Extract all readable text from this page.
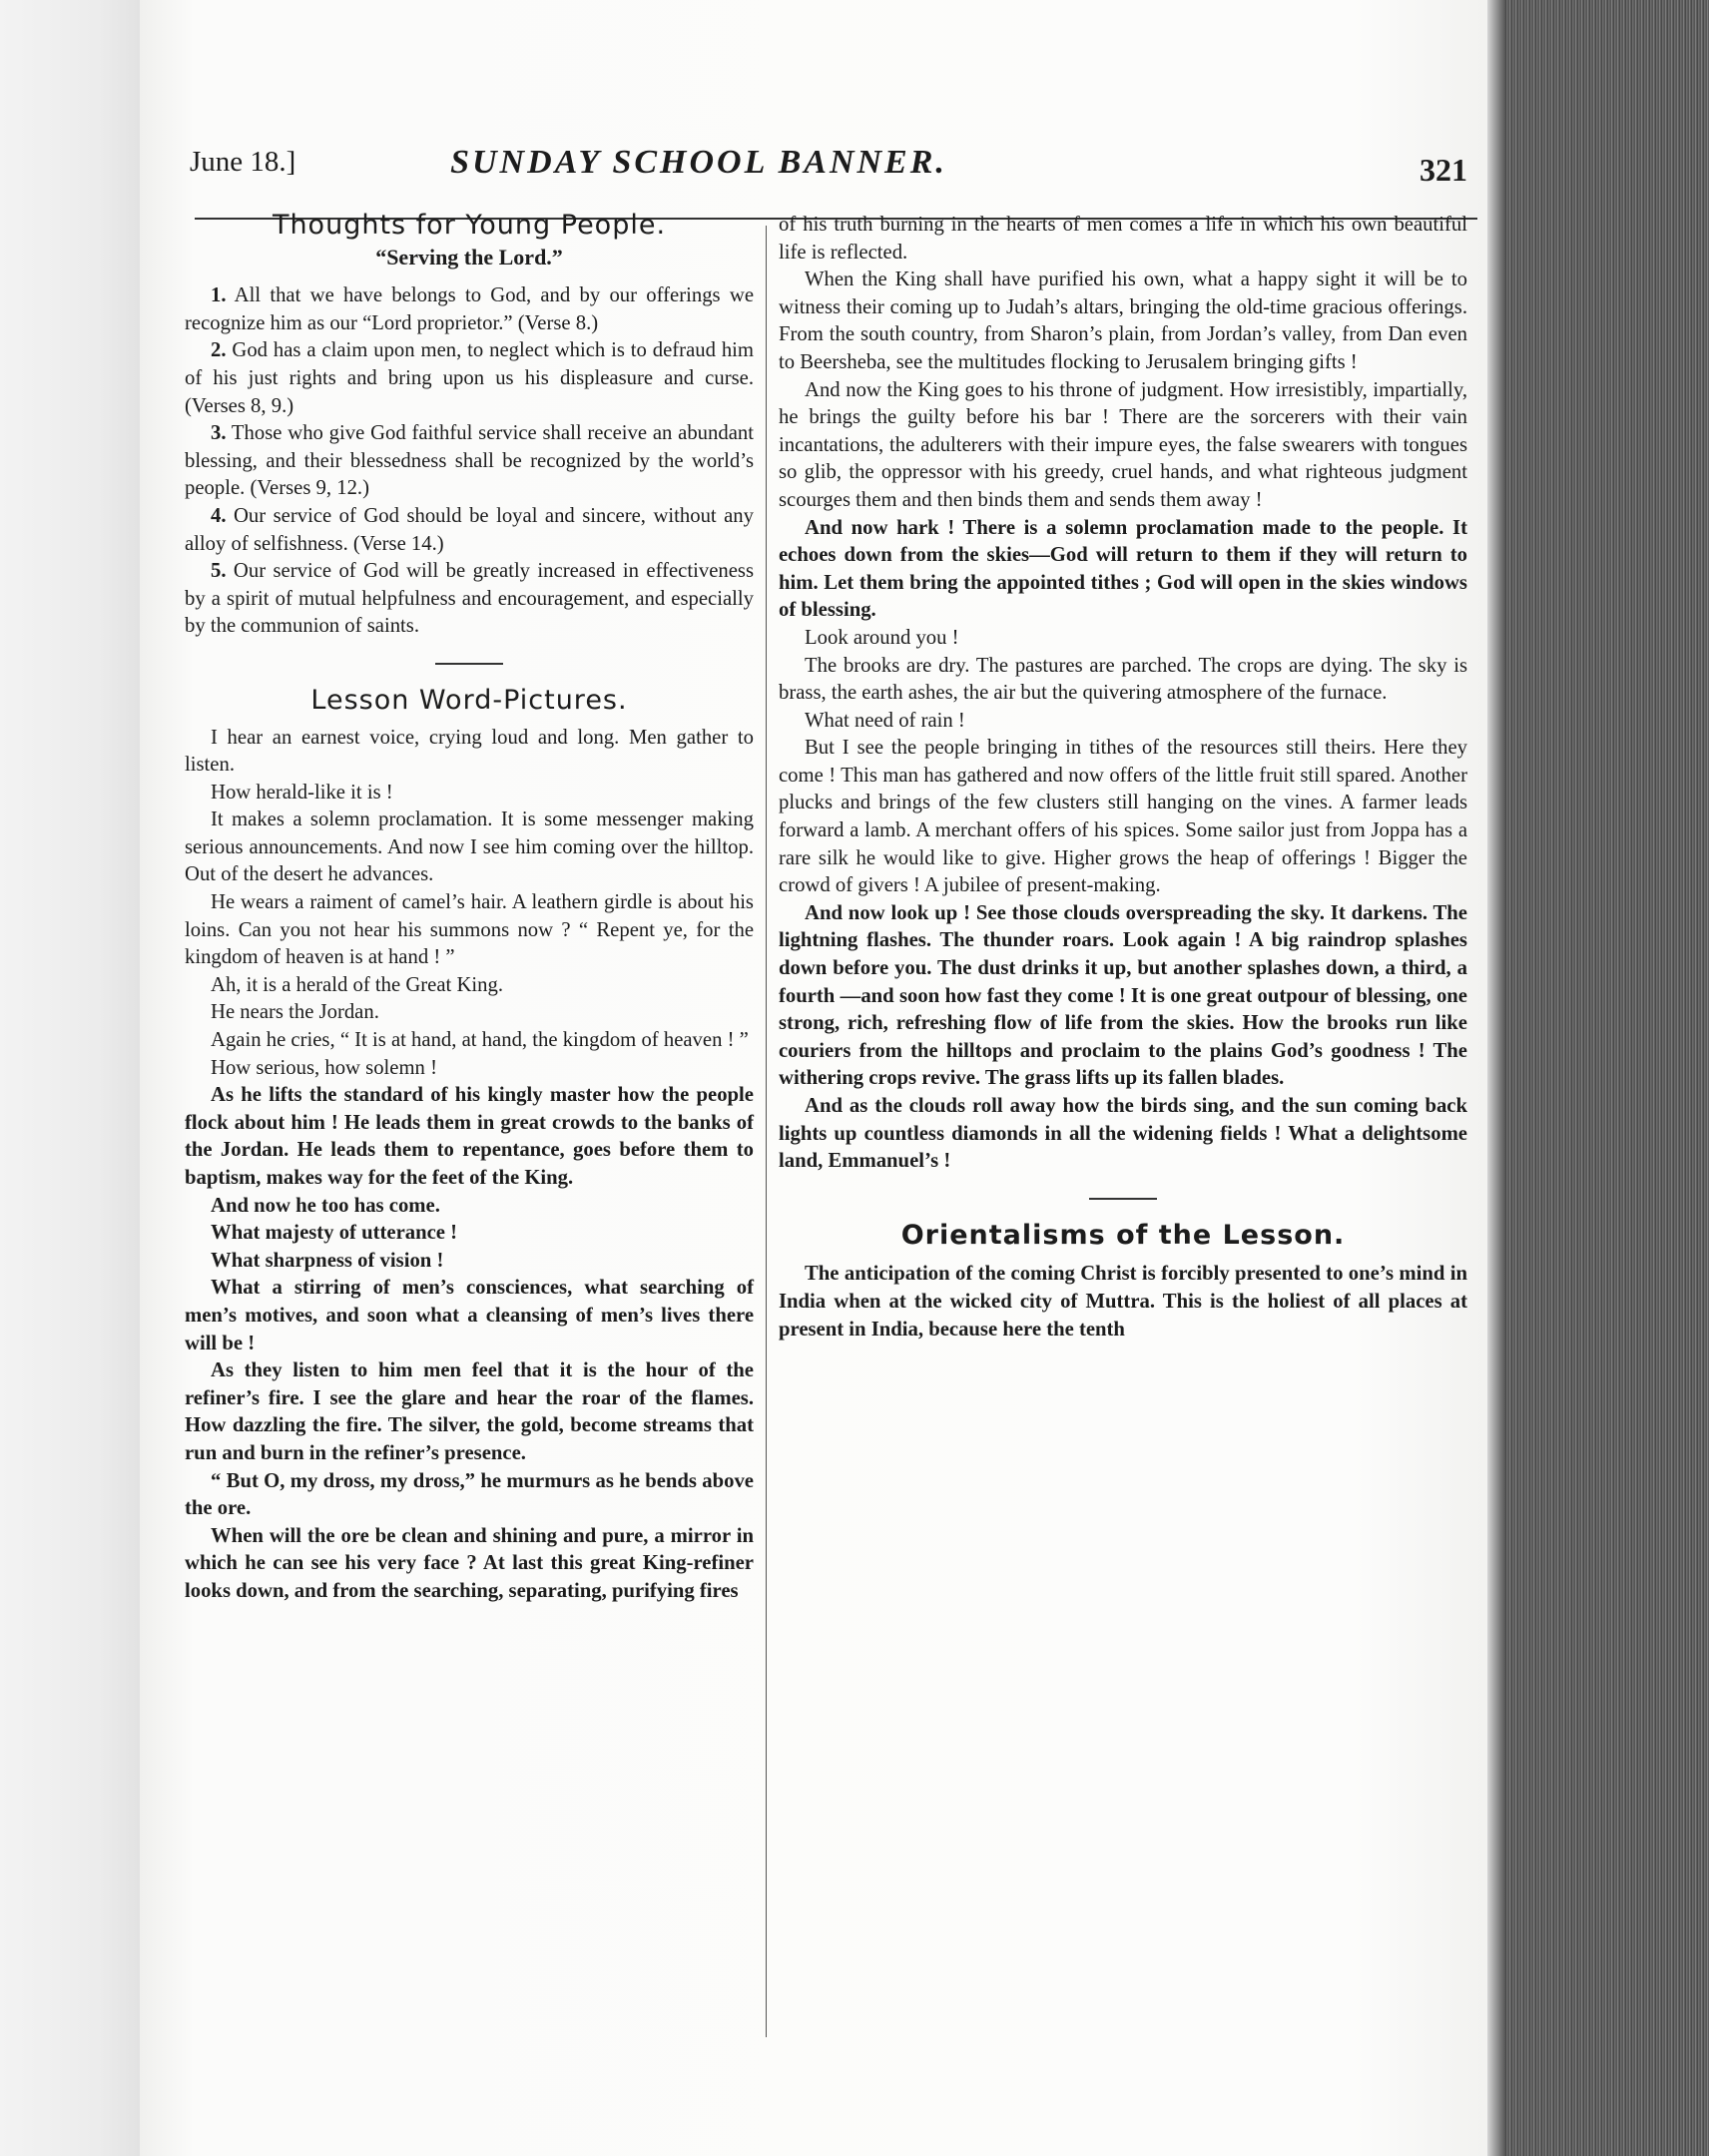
June 18.]	SUNDAY SCHOOL BANNER.	321
Thoughts for Young People.
“Serving the Lord.”
1. All that we have belongs to God, and by our offerings we recognize him as our “Lord proprietor.” (Verse 8.)
2. God has a claim upon men, to neglect which is to defraud him of his just rights and bring upon us his displeasure and curse. (Verses 8, 9.)
3. Those who give God faithful service shall receive an abundant blessing, and their blessedness shall be recognized by the world’s people. (Verses 9, 12.)
4. Our service of God should be loyal and sincere, without any alloy of selfishness. (Verse 14.)
5. Our service of God will be greatly increased in effectiveness by a spirit of mutual helpfulness and encouragement, and especially by the communion of saints.
Lesson Word-Pictures.

I hear an earnest voice, crying loud and long. Men gather to listen.

How herald-like it is !

It makes a solemn proclamation. It is some messenger making serious announcements. And now I see him coming over the hilltop. Out of the desert he advances.

He wears a raiment of camel’s hair. A leathern girdle is about his loins. Can you not hear his summons now ? “ Repent ye, for the kingdom of heaven is at hand ! ”

Ah, it is a herald of the Great King.

He nears the Jordan.

Again he cries, “ It is at hand, at hand, the kingdom of heaven ! ”

How serious, how solemn !

As he lifts the standard of his kingly master how the people flock about him ! He leads them in great crowds to the banks of the Jordan. He leads them to repentance, goes before them to baptism, makes way for the feet of the King.

And now he too has come.

What majesty of utterance !

What sharpness of vision !

What a stirring of men’s consciences, what searching of men’s motives, and soon what a cleansing of men’s lives there will be !

As they listen to him men feel that it is the hour of the refiner’s fire. I see the glare and hear the roar of the flames. How dazzling the fire. The silver, the gold, become streams that run and burn in the refiner’s presence.

“ But O, my dross, my dross,” he murmurs as he bends above the ore.

When will the ore be clean and shining and pure, a mirror in which he can see his very face ? At last this great King-refiner looks down, and from the searching, separating, purifying fires

of his truth burning in the hearts of men comes a life in which his own beautiful life is reflected.

When the King shall have purified his own, what a happy sight it will be to witness their coming up to Judah’s altars, bringing the old-time gracious offerings. From the south country, from Sharon’s plain, from Jordan’s valley, from Dan even to Beersheba, see the multitudes flocking to Jerusalem bringing gifts !

And now the King goes to his throne of judgment. How irresistibly, impartially, he brings the guilty before his bar ! There are the sorcerers with their vain incantations, the adulterers with their impure eyes, the false swearers with tongues so glib, the oppressor with his greedy, cruel hands, and what righteous judgment scourges them and then binds them and sends them away !

And now hark ! There is a solemn proclamation made to the people. It echoes down from the skies—God will return to them if they will return to him. Let them bring the appointed tithes ; God will open in the skies windows of blessing.

Look around you !

The brooks are dry. The pastures are parched. The crops are dying. The sky is brass, the earth ashes, the air but the quivering atmosphere of the furnace.

What need of rain !

But I see the people bringing in tithes of the resources still theirs. Here they come ! This man has gathered and now offers of the little fruit still spared. Another plucks and brings of the few clusters still hanging on the vines. A farmer leads forward a lamb. A merchant offers of his spices. Some sailor just from Joppa has a rare silk he would like to give. Higher grows the heap of offerings ! Bigger the crowd of givers ! A jubilee of present-making.

And now look up ! See those clouds overspreading the sky. It darkens. The lightning flashes. The thunder roars. Look again ! A big raindrop splashes down before you. The dust drinks it up, but another splashes down, a third, a fourth —and soon how fast they come ! It is one great outpour of blessing, one strong, rich, refreshing flow of life from the skies. How the brooks run like couriers from the hilltops and proclaim to the plains God’s goodness ! The withering crops revive. The grass lifts up its fallen blades.

And as the clouds roll away how the birds sing, and the sun coming back lights up countless diamonds in all the widening fields ! What a delightsome land, Emmanuel’s !

Orientalisms of the Lesson.

The anticipation of the coming Christ is forcibly presented to one’s mind in India when at the wicked city of Muttra. This is the holiest of all places at present in India, because here the tenth
